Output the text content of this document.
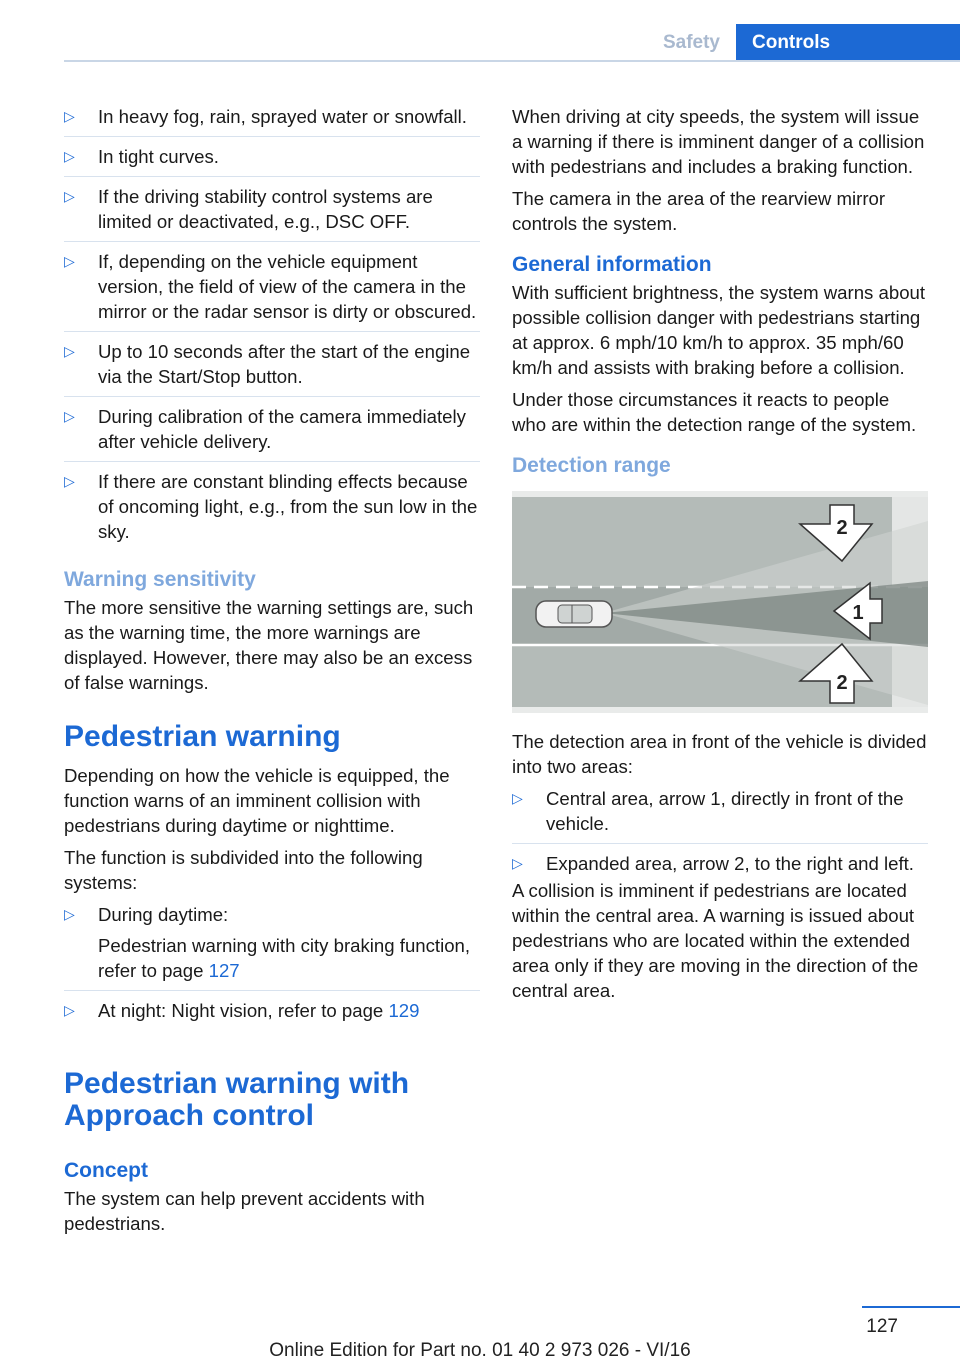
Safety	Controls
▷ In heavy fog, rain, sprayed water or snowfall.
▷ In tight curves.
▷ If the driving stability control systems are limited or deactivated, e.g., DSC OFF.
▷ If, depending on the vehicle equipment version, the field of view of the camera in the mirror or the radar sensor is dirty or obscured.
▷ Up to 10 seconds after the start of the engine via the Start/Stop button.
▷ During calibration of the camera immediately after vehicle delivery.
▷ If there are constant blinding effects because of oncoming light, e.g., from the sun low in the sky.
Warning sensitivity

The more sensitive the warning settings are, such as the warning time, the more warnings are displayed. However, there may also be an excess of false warnings.

Pedestrian warning

Depending on how the vehicle is equipped, the function warns of an imminent collision with pedestrians during daytime or nighttime.

The function is subdivided into the following systems:

▷ During daytime:

Pedestrian warning with city braking function, refer to page 127

▷ At night: Night vision, refer to page 129
Pedestrian warning with Approach control
Concept

The system can help prevent accidents with pedestrians.

When driving at city speeds, the system will issue a warning if there is imminent danger of a collision with pedestrians and includes a braking function.

The camera in the area of the rearview mirror controls the system.

General information

With sufficient brightness, the system warns about possible collision danger with pedestrians starting at approx. 6 mph/10 km/h to approx. 35 mph/60 km/h and assists with braking before a collision.

Under those circumstances it reacts to people who are within the detection range of the system.

Detection range
2
1
2

The detection area in front of the vehicle is divided into two areas:

▷ Central area, arrow 1, directly in front of the vehicle.
▷ Expanded area, arrow 2, to the right and left.

A collision is imminent if pedestrians are located within the central area. A warning is issued about pedestrians who are located within the extended area only if they are moving in the direction of the central area.

127
Online Edition for Part no. 01 40 2 973 026 - VI/16
